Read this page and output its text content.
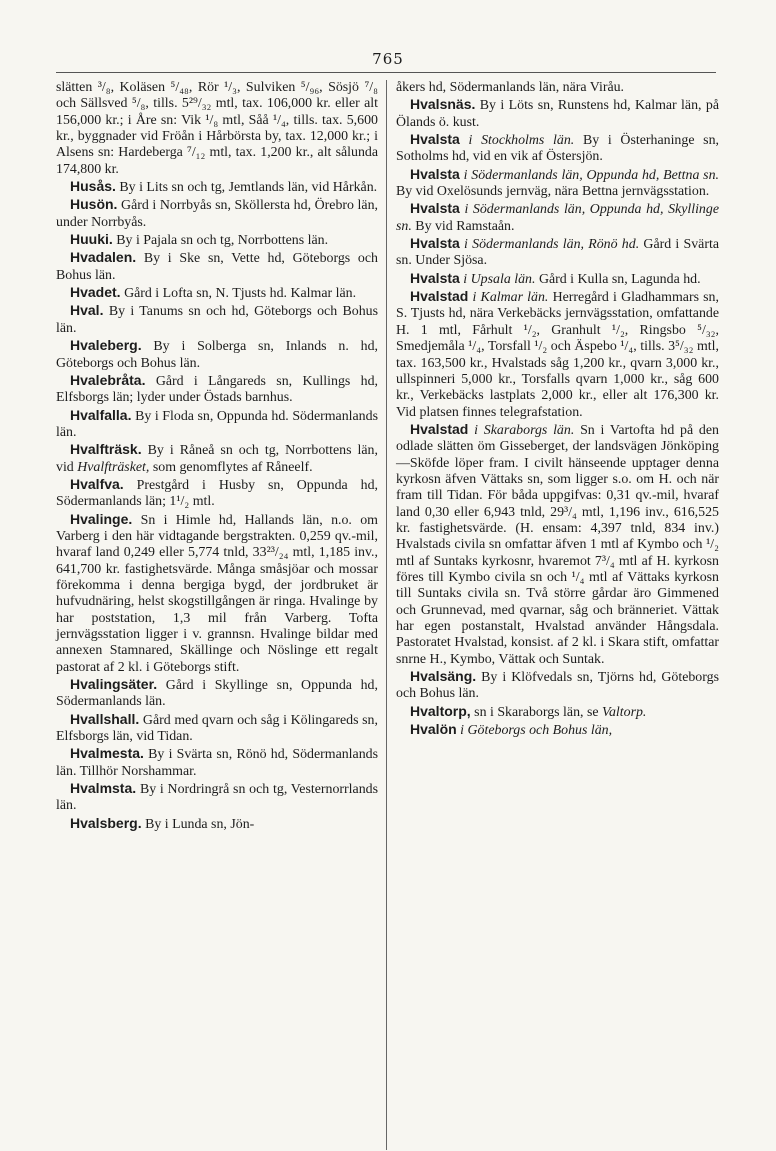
765

slätten ³/₈, Koläsen ⁵/₄₈, Rör ¹/₃, Sulviken ⁵/₉₆, Sösjö ⁷/₈ och Sällsved ⁵/₈, tills. 5²⁹/₃₂ mtl, tax. 106,000 kr. eller alt 156,000 kr.; i Åre sn: Vik ¹/₈ mtl, Såå ¹/₄, tills. tax. 5,600 kr., byggnader vid Fröån i Hårbörsta by, tax. 12,000 kr.; i Alsens sn: Hardeberga ⁷/₁₂ mtl, tax. 1,200 kr., alt sålunda 174,800 kr.

Husås. By i Lits sn och tg, Jemtlands län, vid Hårkån.

Husön. Gård i Norrbyås sn, Sköllersta hd, Örebro län, under Norrbyås.

Huuki. By i Pajala sn och tg, Norrbottens län.

Hvadalen. By i Ske sn, Vette hd, Göteborgs och Bohus län.

Hvadet. Gård i Lofta sn, N. Tjusts hd. Kalmar län.

Hval. By i Tanums sn och hd, Göteborgs och Bohus län.

Hvaleberg. By i Solberga sn, Inlands n. hd, Göteborgs och Bohus län.

Hvalebråta. Gård i Långareds sn, Kullings hd, Elfsborgs län; lyder under Östads barnhus.

Hvalfalla. By i Floda sn, Oppunda hd. Södermanlands län.

Hvalfträsk. By i Råneå sn och tg, Norrbottens län, vid Hvalfträsket, som genomflytes af Råneelf.

Hvalfva. Prestgård i Husby sn, Oppunda hd, Södermanlands län; 1¹/₂ mtl.

Hvalinge. Sn i Himle hd, Hallands län, n.o. om Varberg i den här vidtagande bergstrakten. 0,259 qv.-mil, hvaraf land 0,249 eller 5,774 tnld, 33²³/₂₄ mtl, 1,185 inv., 641,700 kr. fastighetsvärde. Många småsjöar och mossar förekomma i denna bergiga bygd, der jordbruket är hufvudnäring, helst skogstillgången är ringa. Hvalinge by har poststation, 1,3 mil från Varberg. Tofta jernvägsstation ligger i v. grannsn. Hvalinge bildar med annexen Stamnared, Skällinge och Nöslinge ett regalt pastorat af 2 kl. i Göteborgs stift.

Hvalingsäter. Gård i Skyllinge sn, Oppunda hd, Södermanlands län.

Hvallshall. Gård med qvarn och såg i Kölingareds sn, Elfsborgs län, vid Tidan.

Hvalmesta. By i Svärta sn, Rönö hd, Södermanlands län. Tillhör Norshammar.

Hvalmsta. By i Nordringrå sn och tg, Vesternorrlands län.

Hvalsberg. By i Lunda sn, Jön-

åkers hd, Södermanlands län, nära Viråu.

Hvalsnäs. By i Löts sn, Runstens hd, Kalmar län, på Ölands ö. kust.

Hvalsta i Stockholms län. By i Österhaninge sn, Sotholms hd, vid en vik af Östersjön.

Hvalsta i Södermanlands län, Oppunda hd, Bettna sn. By vid Oxelösunds jernväg, nära Bettna jernvägsstation.

Hvalsta i Södermanlands län, Oppunda hd, Skyllinge sn. By vid Ramstaån.

Hvalsta i Södermanlands län, Rönö hd. Gård i Svärta sn. Under Sjösa.

Hvalsta i Upsala län. Gård i Kulla sn, Lagunda hd.

Hvalstad i Kalmar län. Herregård i Gladhammars sn, S. Tjusts hd, nära Verkebäcks jernvägsstation, omfattande H. 1 mtl, Fårhult ¹/₂, Granhult ¹/₂, Ringsbo ⁵/₃₂, Smedjemåla ¹/₄, Torsfall ¹/₂ och Äspebo ¹/₄, tills. 3⁵/₃₂ mtl, tax. 163,500 kr., Hvalstads såg 1,200 kr., qvarn 3,000 kr., ullspinneri 5,000 kr., Torsfalls qvarn 1,000 kr., såg 600 kr., Verkebäcks lastplats 2,000 kr., eller alt 176,300 kr. Vid platsen finnes telegrafstation.

Hvalstad i Skaraborgs län. Sn i Vartofta hd på den odlade slätten öm Gisseberget, der landsvägen Jönköping—Sköfde löper fram. I civilt hänseende upptager denna kyrkosn äfven Vättaks sn, som ligger s.o. om H. och när fram till Tidan. För båda uppgifvas: 0,31 qv.-mil, hvaraf land 0,30 eller 6,943 tnld, 29³/₄ mtl, 1,196 inv., 616,525 kr. fastighetsvärde. (H. ensam: 4,397 tnld, 834 inv.) Hvalstads civila sn omfattar äfven 1 mtl af Kymbo och ¹/₂ mtl af Suntaks kyrkosnr, hvaremot 7³/₄ mtl af H. kyrkosn föres till Kymbo civila sn och ¹/₄ mtl af Vättaks kyrkosn till Suntaks civila sn. Två större gårdar äro Gimmened och Grunnevad, med qvarnar, såg och bränneriet. Vättak har egen postanstalt, Hvalstad använder Hångsdala. Pastoratet Hvalstad, konsist. af 2 kl. i Skara stift, omfattar snrne H., Kymbo, Vättak och Suntak.

Hvalsäng. By i Klöfvedals sn, Tjörns hd, Göteborgs och Bohus län.

Hvaltorp, sn i Skaraborgs län, se Valtorp.

Hvalön i Göteborgs och Bohus län,
